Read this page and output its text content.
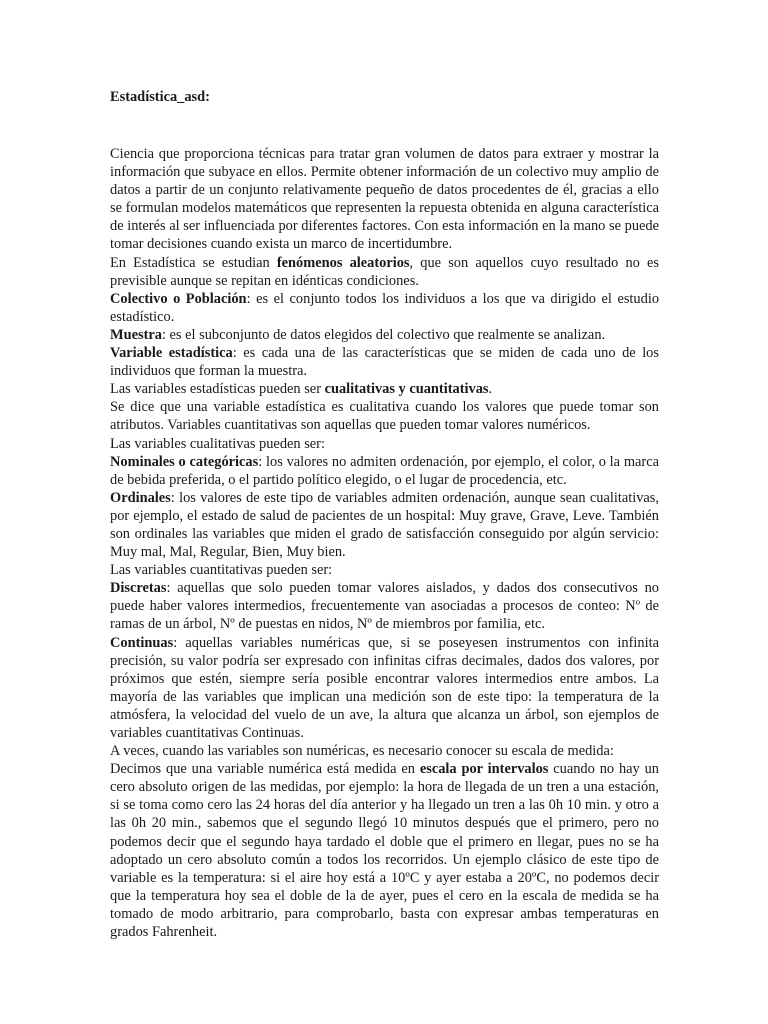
Estadística_asd:

Ciencia que proporciona técnicas para tratar gran volumen de datos para extraer y mostrar la información que subyace en ellos. Permite obtener información de un colectivo muy amplio de datos a partir de un conjunto relativamente pequeño de datos procedentes de él, gracias a ello se formulan modelos matemáticos que representen la repuesta obtenida en alguna característica de interés al ser influenciada por diferentes factores. Con esta información en la mano se puede tomar decisiones cuando exista un marco de incertidumbre.

En Estadística se estudian fenómenos aleatorios, que son aquellos cuyo resultado no es previsible aunque se repitan en idénticas condiciones.

Colectivo o Población: es el conjunto todos los individuos a los que va dirigido el estudio estadístico.

Muestra: es el subconjunto de datos elegidos del colectivo que realmente se analizan.

Variable estadística: es cada una de las características que se miden de cada uno de los individuos que forman la muestra.

Las variables estadísticas pueden ser cualitativas y cuantitativas.

Se dice que una variable estadística es cualitativa cuando los valores que puede tomar son atributos. Variables cuantitativas son aquellas que pueden tomar valores numéricos.

Las variables cualitativas pueden ser:

Nominales o categóricas: los valores no admiten ordenación, por ejemplo, el color, o la marca de bebida preferida, o el partido político elegido, o el lugar de procedencia, etc.

Ordinales: los valores de este tipo de variables admiten ordenación, aunque sean cualitativas, por ejemplo, el estado de salud de pacientes de un hospital: Muy grave, Grave, Leve. También son ordinales las variables que miden el grado de satisfacción conseguido por algún servicio: Muy mal, Mal, Regular, Bien, Muy bien.

Las variables cuantitativas pueden ser:

Discretas: aquellas que solo pueden tomar valores aislados, y dados dos consecutivos no puede haber valores intermedios, frecuentemente van asociadas a procesos de conteo: Nº de ramas de un árbol, Nº de puestas en nidos, Nº de miembros por familia, etc.

Continuas: aquellas variables numéricas que, si se poseyesen instrumentos con infinita precisión, su valor podría ser expresado con infinitas cifras decimales, dados dos valores, por próximos que estén, siempre sería posible encontrar valores intermedios entre ambos. La mayoría de las variables que implican una medición son de este tipo: la temperatura de la atmósfera, la velocidad del vuelo de un ave, la altura que alcanza un árbol, son ejemplos de variables cuantitativas Continuas.

A veces, cuando las variables son numéricas, es necesario conocer su escala de medida:

Decimos que una variable numérica está medida en escala por intervalos cuando no hay un cero absoluto origen de las medidas, por ejemplo: la hora de llegada de un tren a una estación, si se toma como cero las 24 horas del día anterior y ha llegado un tren a las 0h 10 min. y otro a las 0h 20 min., sabemos que el segundo llegó 10 minutos después que el primero, pero no podemos decir que el segundo haya tardado el doble que el primero en llegar, pues no se ha adoptado un cero absoluto común a todos los recorridos. Un ejemplo clásico de este tipo de variable es la temperatura: si el aire hoy está a 10ºC y ayer estaba a 20ºC, no podemos decir que la temperatura hoy sea el doble de la de ayer, pues el cero en la escala de medida se ha tomado de modo arbitrario, para comprobarlo, basta con expresar ambas temperaturas en grados Fahrenheit.
